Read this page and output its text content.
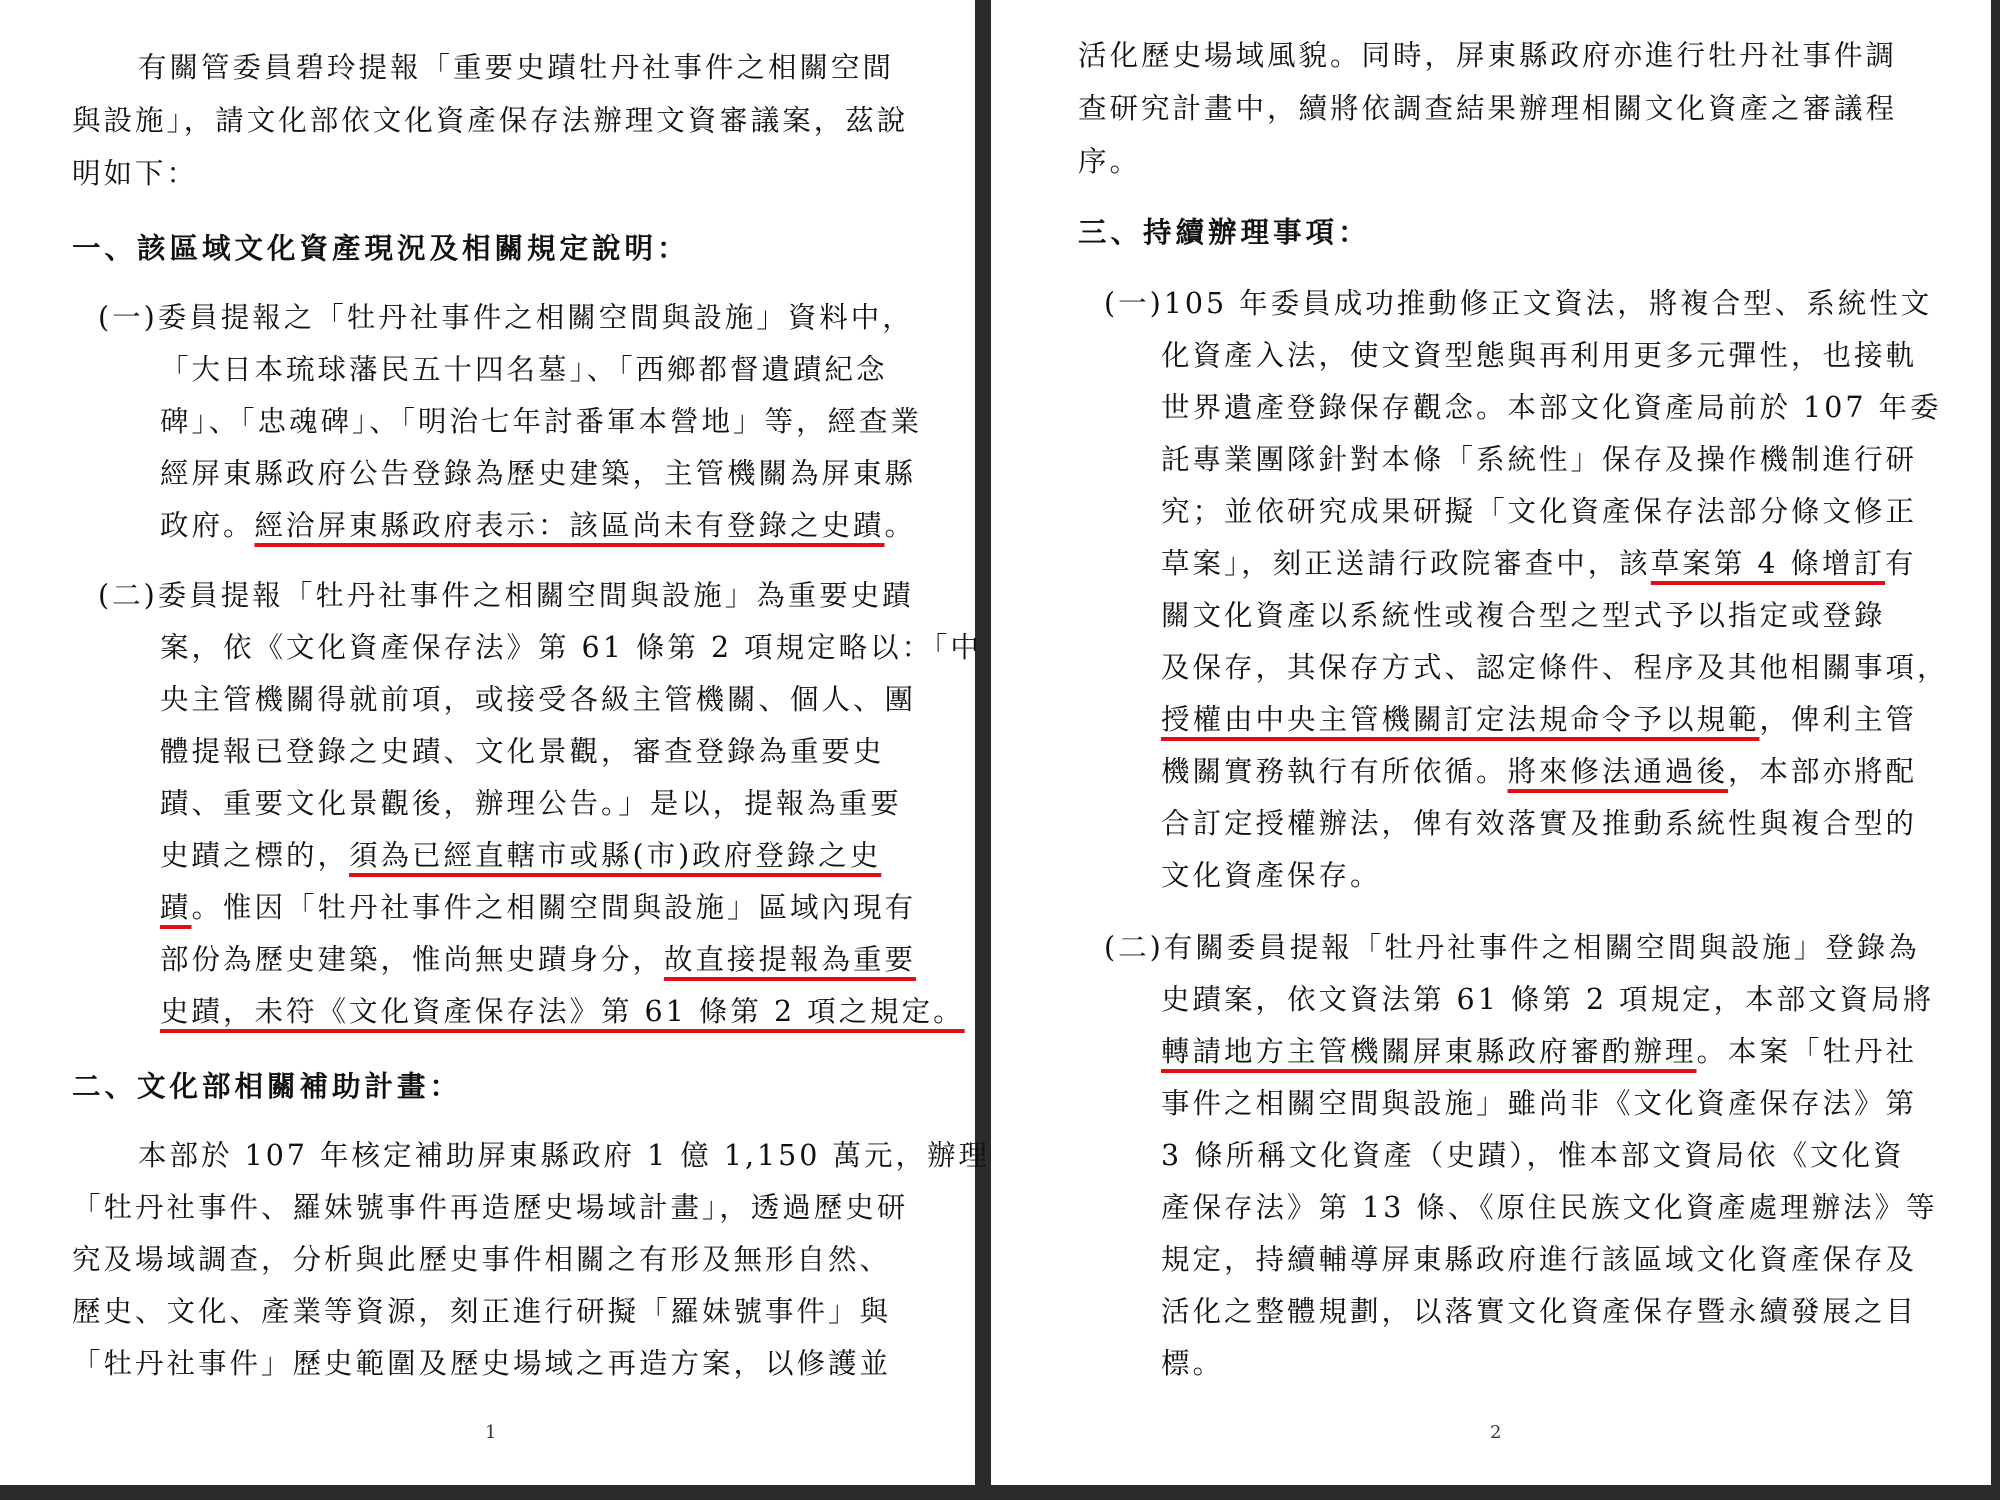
有關管委員碧玲提報「重要史蹟牡丹社事件之相關空間
與設施」，請文化部依文化資產保存法辦理文資審議案，茲說
明如下：
一、該區域文化資產現況及相關規定說明：
(一)委員提報之「牡丹社事件之相關空間與設施」資料中，
「大日本琉球藩民五十四名墓」、「西鄉都督遺蹟紀念
碑」、「忠魂碑」、「明治七年討番軍本營地」等，經查業
經屏東縣政府公告登錄為歷史建築，主管機關為屏東縣
政府。經洽屏東縣政府表示：該區尚未有登錄之史蹟。
(二)委員提報「牡丹社事件之相關空間與設施」為重要史蹟
案，依《文化資產保存法》第 61 條第 2 項規定略以：「中
央主管機關得就前項，或接受各級主管機關、個人、團
體提報已登錄之史蹟、文化景觀，審查登錄為重要史
蹟、重要文化景觀後，辦理公告。」是以，提報為重要
史蹟之標的，須為已經直轄市或縣(市)政府登錄之史
蹟。惟因「牡丹社事件之相關空間與設施」區域內現有
部份為歷史建築，惟尚無史蹟身分，故直接提報為重要
史蹟，未符《文化資產保存法》第 61 條第 2 項之規定。
二、文化部相關補助計畫：
本部於 107 年核定補助屏東縣政府 1 億 1,150 萬元，辦理
「牡丹社事件、羅妹號事件再造歷史場域計畫」，透過歷史研
究及場域調查，分析與此歷史事件相關之有形及無形自然、
歷史、文化、產業等資源，刻正進行研擬「羅妹號事件」與
「牡丹社事件」歷史範圍及歷史場域之再造方案，以修護並
1
活化歷史場域風貌。同時，屏東縣政府亦進行牡丹社事件調
查研究計畫中，續將依調查結果辦理相關文化資產之審議程
序。
三、持續辦理事項：
(一)105 年委員成功推動修正文資法，將複合型、系統性文
化資產入法，使文資型態與再利用更多元彈性，也接軌
世界遺產登錄保存觀念。本部文化資產局前於 107 年委
託專業團隊針對本條「系統性」保存及操作機制進行研
究；並依研究成果研擬「文化資產保存法部分條文修正
草案」，刻正送請行政院審查中，該草案第 4 條增訂有
關文化資產以系統性或複合型之型式予以指定或登錄
及保存，其保存方式、認定條件、程序及其他相關事項，
授權由中央主管機關訂定法規命令予以規範，俾利主管
機關實務執行有所依循。將來修法通過後，本部亦將配
合訂定授權辦法，俾有效落實及推動系統性與複合型的
文化資產保存。
(二)有關委員提報「牡丹社事件之相關空間與設施」登錄為
史蹟案，依文資法第 61 條第 2 項規定，本部文資局將
轉請地方主管機關屏東縣政府審酌辦理。本案「牡丹社
事件之相關空間與設施」雖尚非《文化資產保存法》第
3 條所稱文化資產（史蹟），惟本部文資局依《文化資
產保存法》第 13 條、《原住民族文化資產處理辦法》等
規定，持續輔導屏東縣政府進行該區域文化資產保存及
活化之整體規劃，以落實文化資產保存暨永續發展之目
標。
2
